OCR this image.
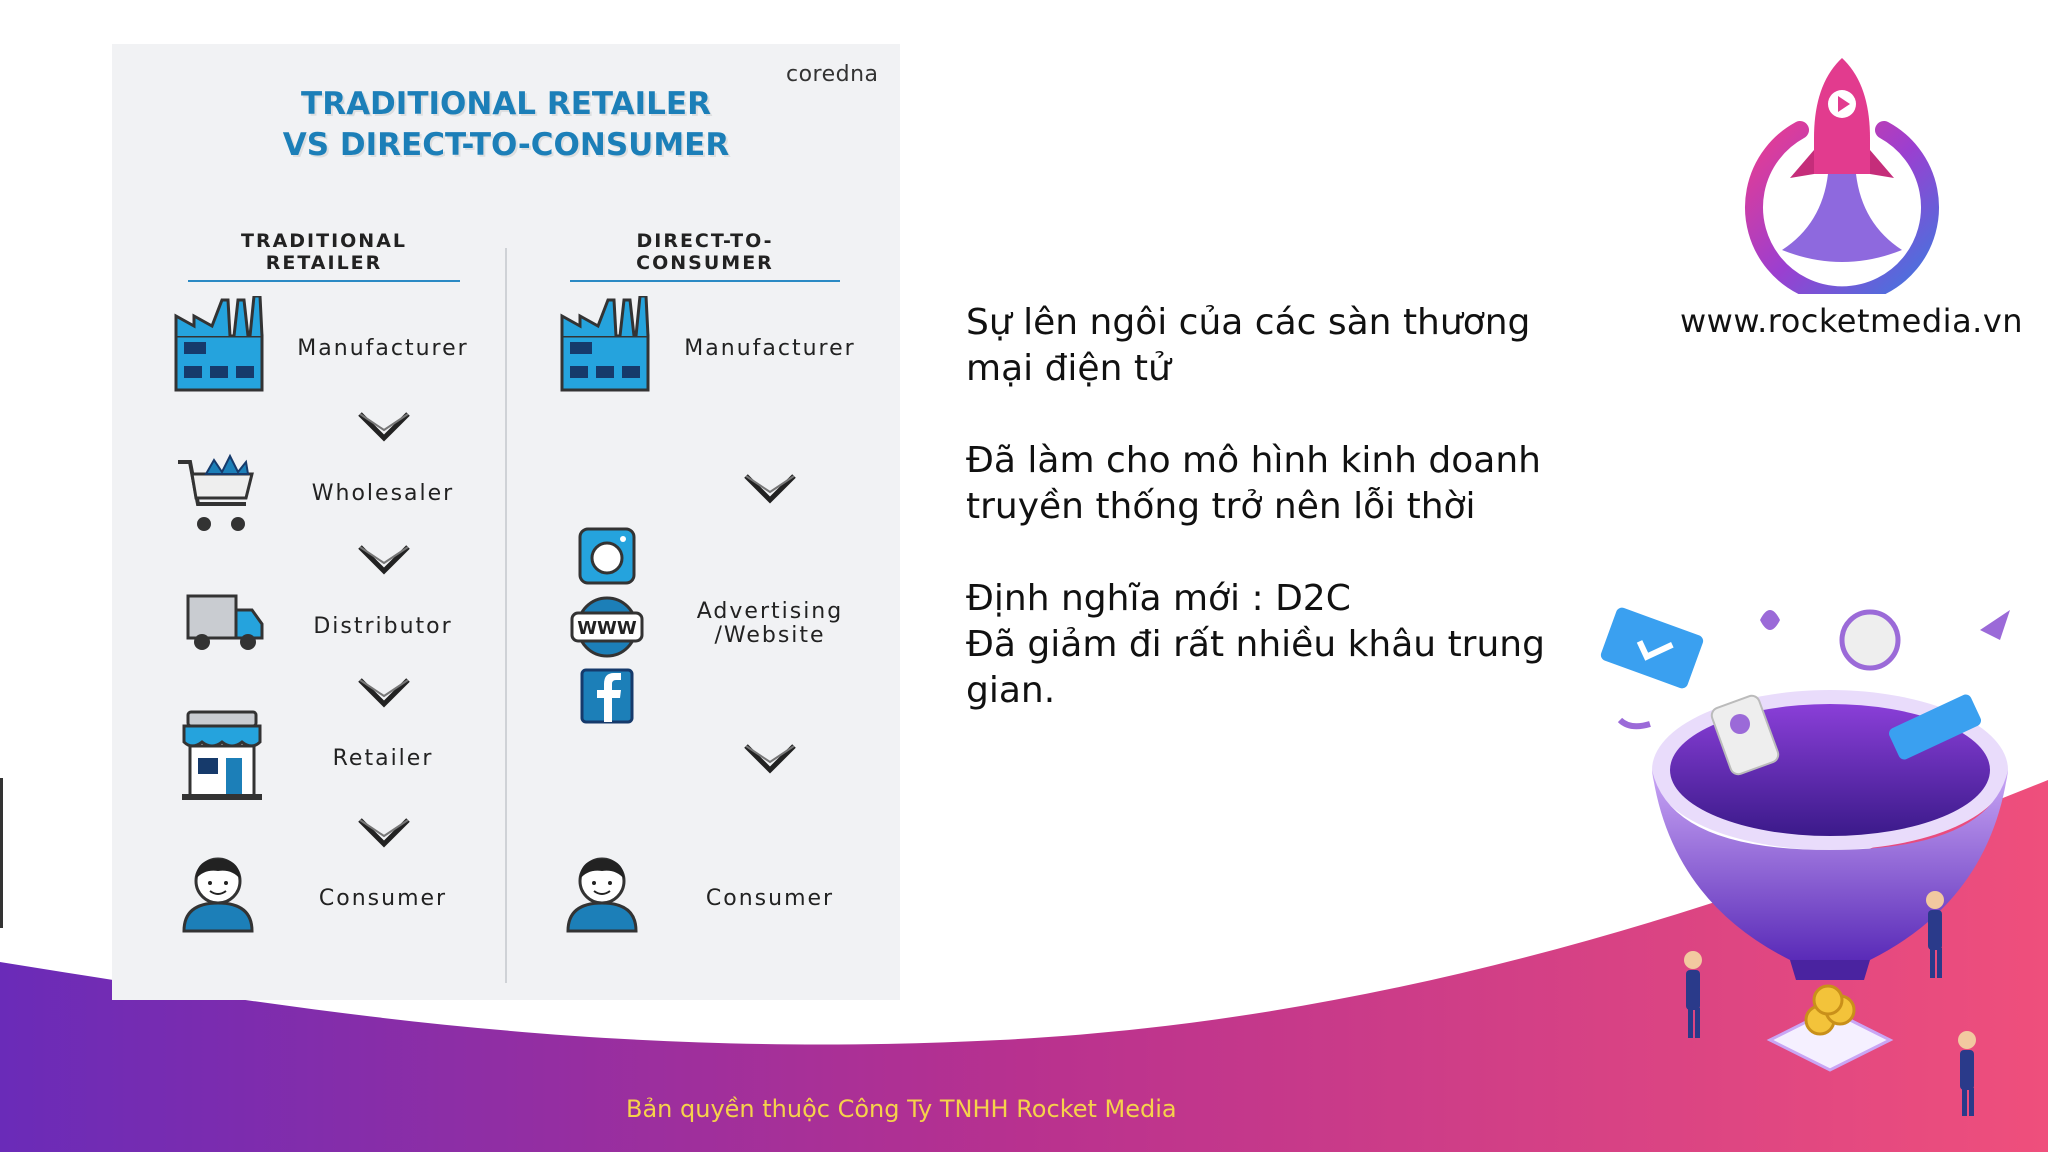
coredna
TRADITIONAL RETAILER
VS DIRECT-TO-CONSUMER
TRADITIONAL RETAILER
DIRECT-TO-CONSUMER
Manufacturer
Wholesaler
Distributor
Retailer
Consumer
Manufacturer
WWW
Advertising
/Website
Consumer
Sự lên ngôi của các sàn thương
mại điện tử
Đã làm cho mô hình kinh doanh
truyền thống trở nên lỗi thời
Định nghĩa mới : D2C
Đã giảm đi rất nhiều khâu trung
gian.
www.rocketmedia.vn
Bản quyền thuộc Công Ty TNHH Rocket Media
